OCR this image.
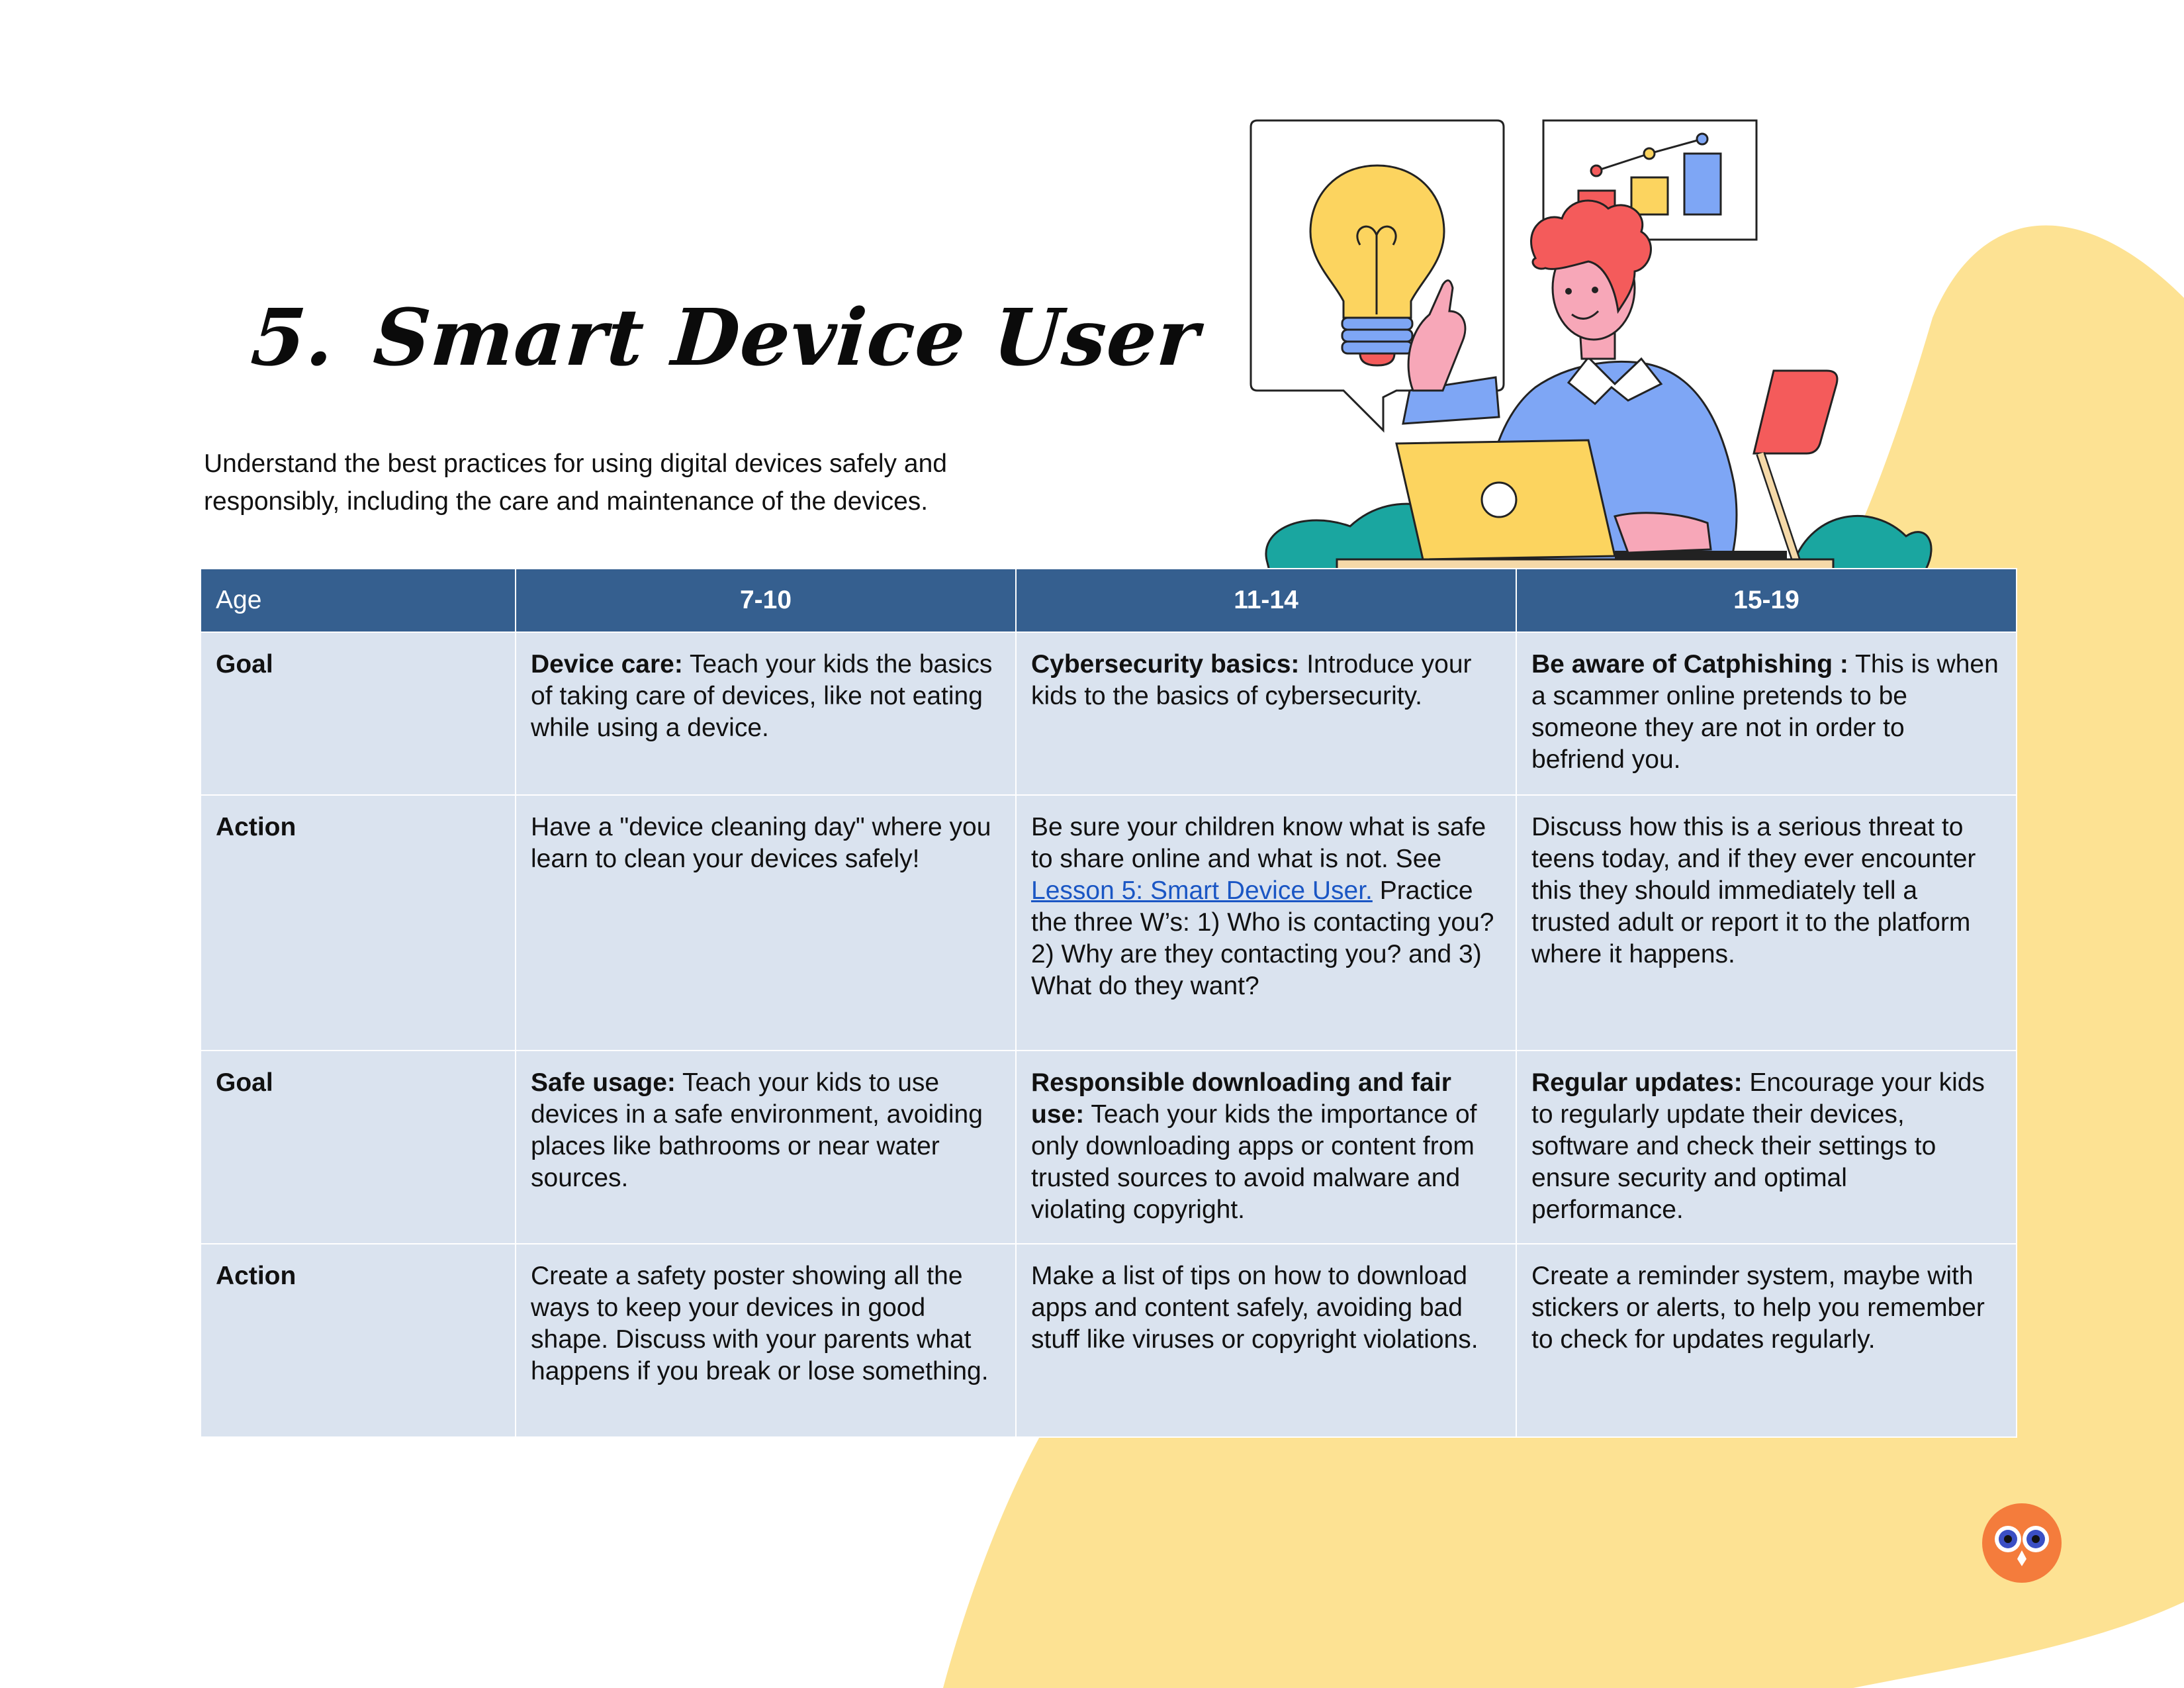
5. Smart Device User
Understand the best practices for using digital devices safely and responsibly, including the care and maintenance of the devices.
Age	7-10	11-14	15-19
Goal	Device care: Teach your kids the basics of taking care of devices, like not eating while using a device.	Cybersecurity basics: Introduce your kids to the basics of cybersecurity.	Be aware of Catphishing : This is when a scammer online pretends to be someone they are not in order to befriend you.
Action	Have a "device cleaning day" where you learn to clean your devices safely!	Be sure your children know what is safe to share online and what is not. See Lesson 5: Smart Device User. Practice the three W’s: 1) Who is contacting you? 2) Why are they contacting you? and 3) What do they want?	Discuss how this is a serious threat to teens today, and if they ever encounter this they should immediately tell a trusted adult or report it to the platform where it happens.
Goal	Safe usage: Teach your kids to use devices in a safe environment, avoiding places like bathrooms or near water sources.	Responsible downloading and fair use: Teach your kids the importance of only downloading apps or content from trusted sources to avoid malware and violating copyright.	Regular updates: Encourage your kids to regularly update their devices, software and check their settings to ensure security and optimal performance.
Action	Create a safety poster showing all the ways to keep your devices in good shape. Discuss with your parents what happens if you break or lose something.	Make a list of tips on how to download apps and content safely, avoiding bad stuff like viruses or copyright violations.	Create a reminder system, maybe with stickers or alerts, to help you remember to check for updates regularly.
